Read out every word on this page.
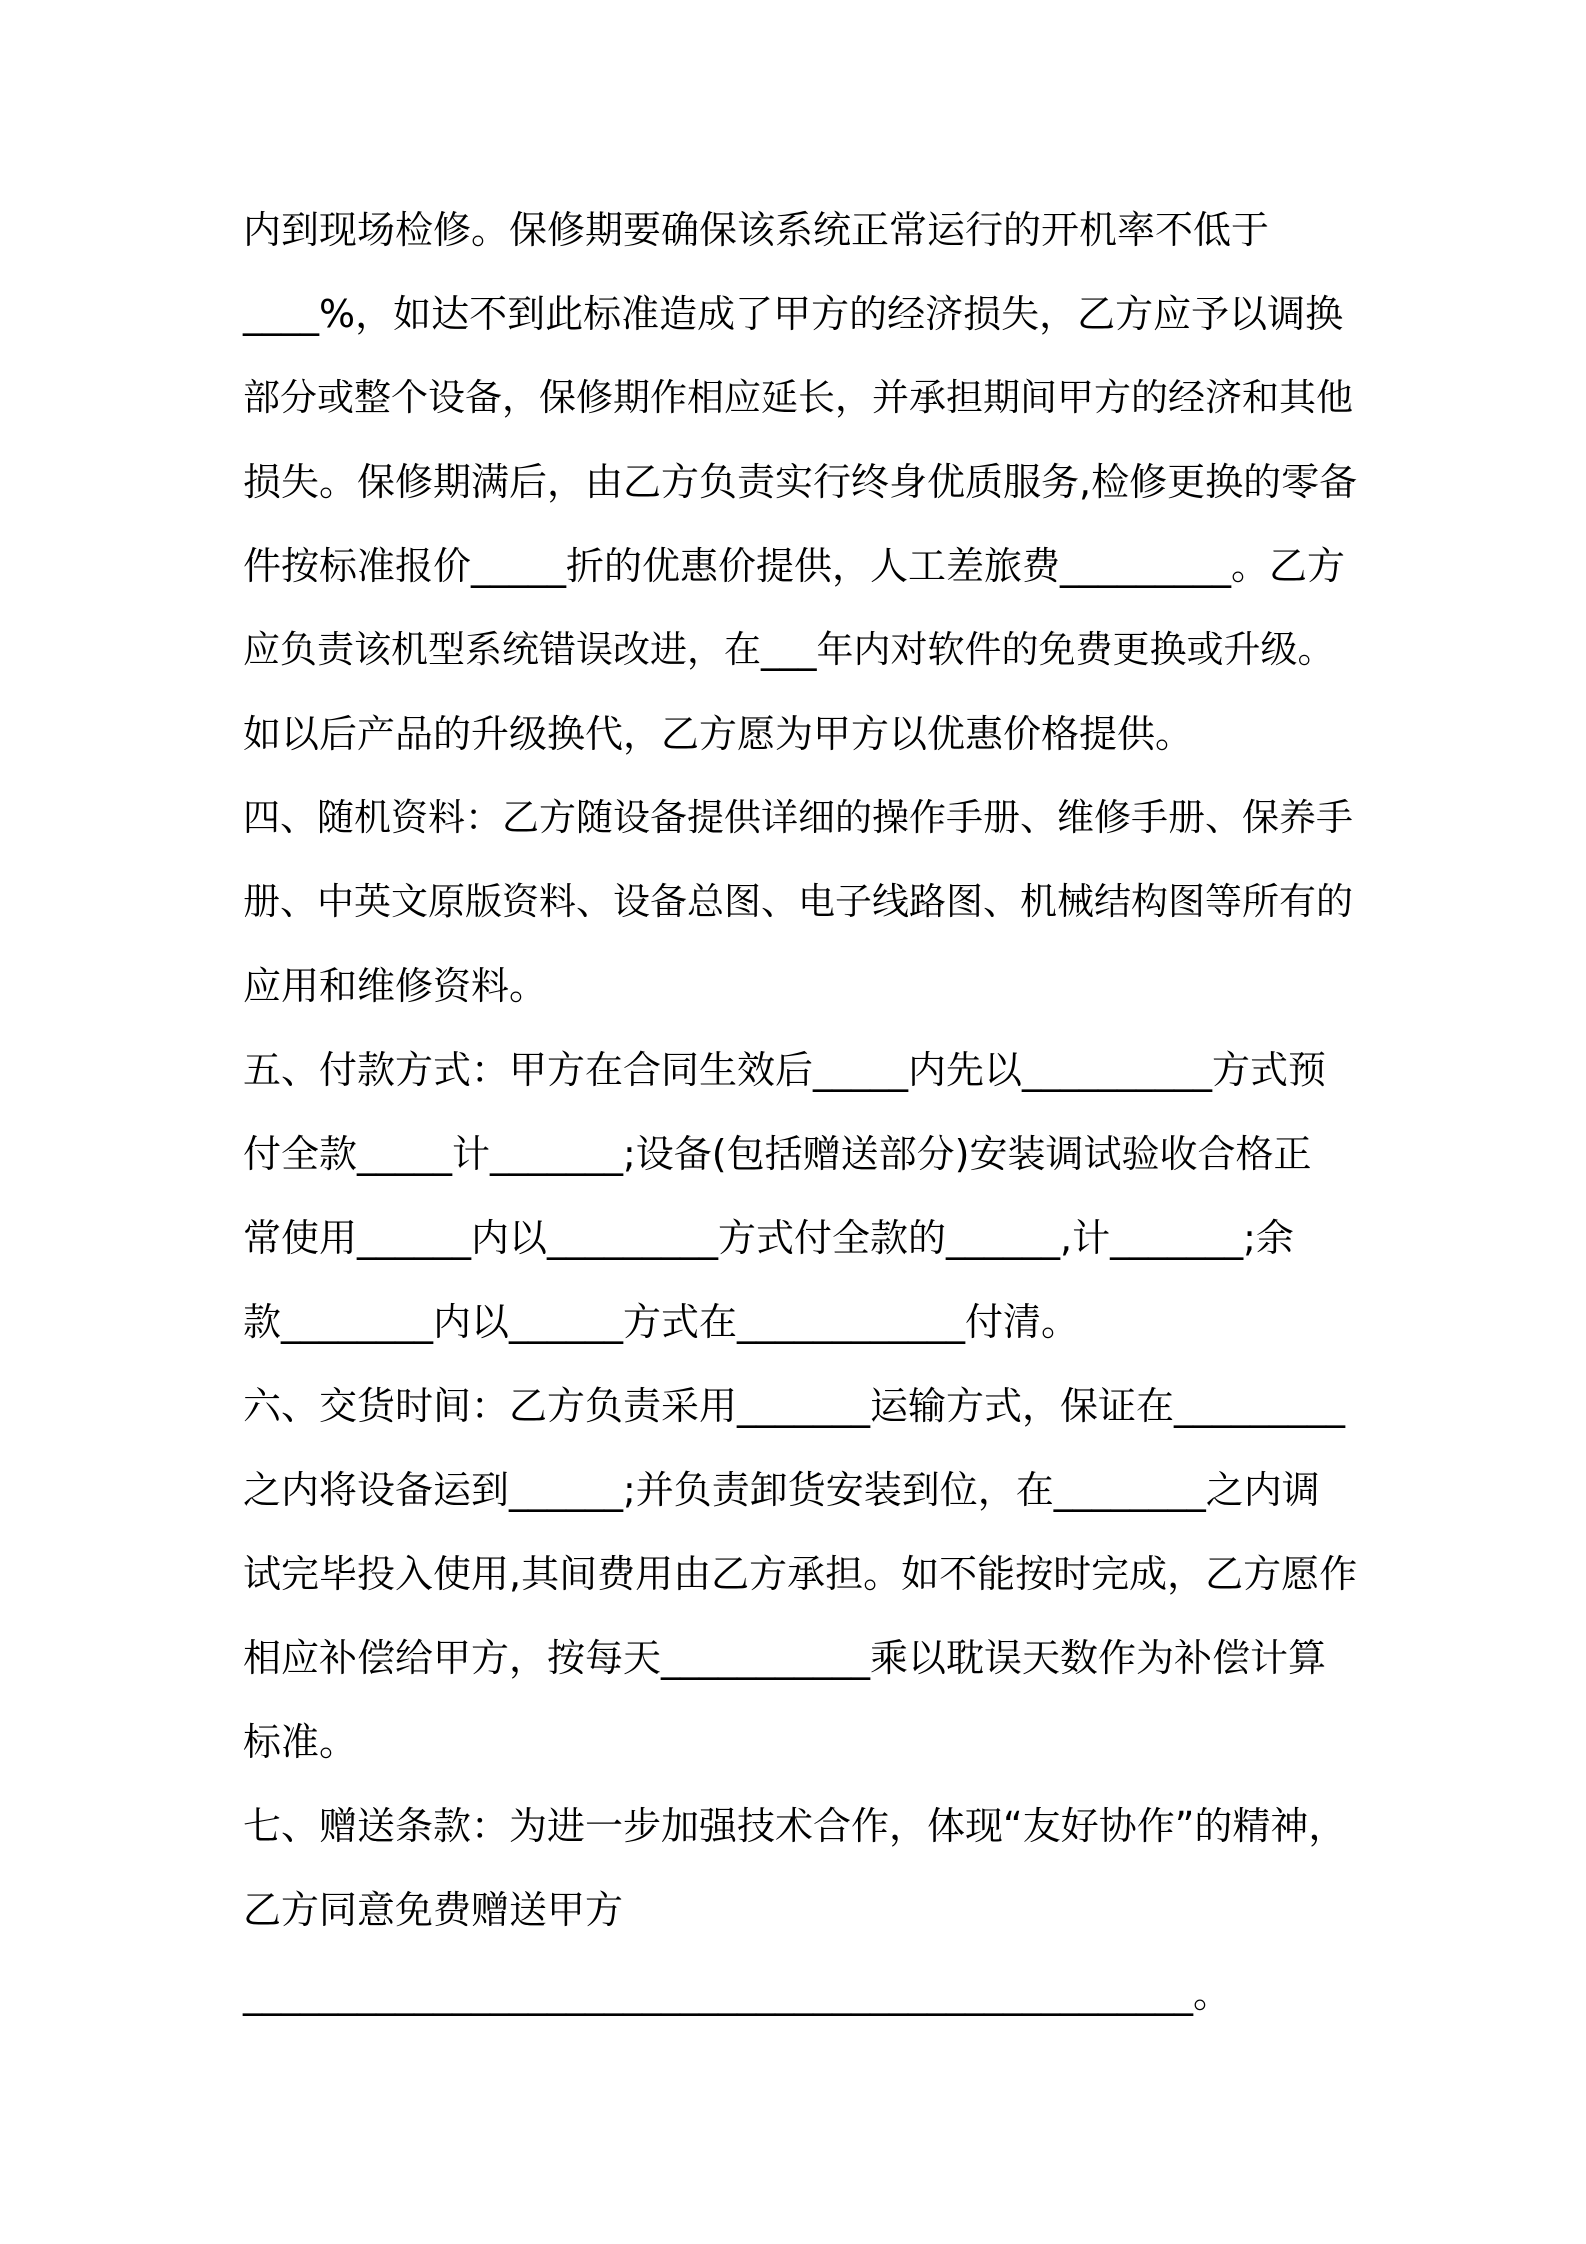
内到现场检修。保修期要确保该系统正常运行的开机率不低于
____%，如达不到此标准造成了甲方的经济损失，乙方应予以调换
部分或整个设备，保修期作相应延长，并承担期间甲方的经济和其他
损失。保修期满后，由乙方负责实行终身优质服务,检修更换的零备
件按标准报价_____折的优惠价提供，人工差旅费_________。乙方
应负责该机型系统错误改进，在___年内对软件的免费更换或升级。
如以后产品的升级换代，乙方愿为甲方以优惠价格提供。
四、随机资料：乙方随设备提供详细的操作手册、维修手册、保养手
册、中英文原版资料、设备总图、电子线路图、机械结构图等所有的
应用和维修资料。
五、付款方式：甲方在合同生效后_____内先以__________方式预
付全款_____计_______;设备(包括赠送部分)安装调试验收合格正
常使用______内以_________方式付全款的______,计_______;余
款________内以______方式在____________付清。
六、交货时间：乙方负责采用_______运输方式，保证在_________
之内将设备运到______;并负责卸货安装到位，在________之内调
试完毕投入使用,其间费用由乙方承担。如不能按时完成，乙方愿作
相应补偿给甲方，按每天___________乘以耽误天数作为补偿计算
标准。
七、赠送条款：为进一步加强技术合作，体现“友好协作”的精神，
乙方同意免费赠送甲方
__________________________________________________。
